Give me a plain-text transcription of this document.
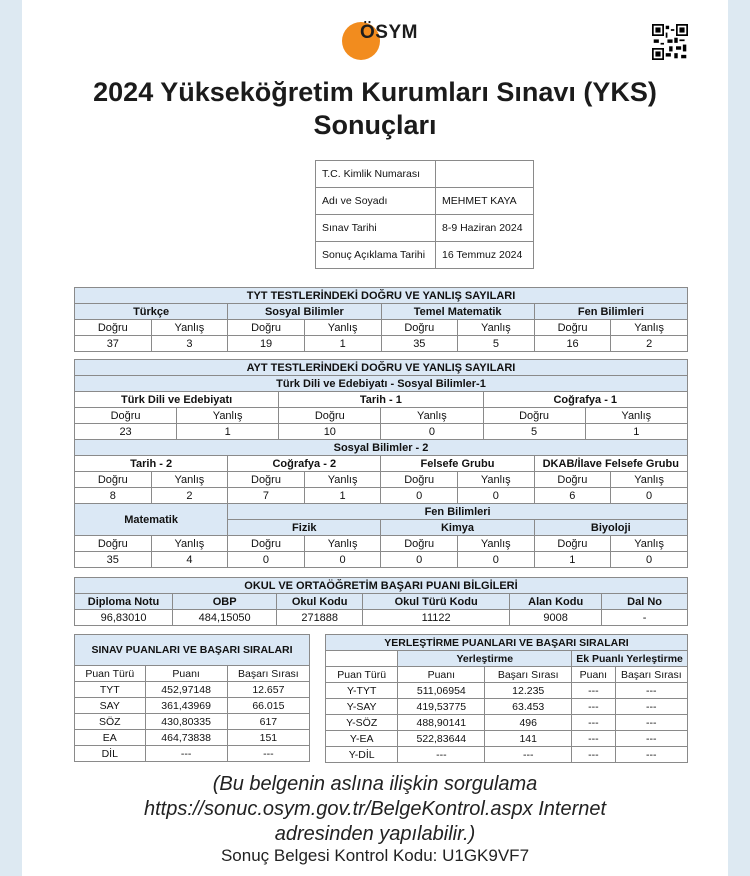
ÖSYM
2024 Yükseköğretim Kurumları Sınavı (YKS)
Sonuçları
T.C. Kimlik Numarası	
Adı ve Soyadı	MEHMET KAYA
Sınav Tarihi	8-9 Haziran 2024
Sonuç Açıklama Tarihi	16 Temmuz 2024
TYT TESTLERİNDEKİ DOĞRU VE YANLIŞ SAYILARI							
Türkçe		Sosyal Bilimler		Temel Matematik		Fen Bilimleri	
Doğru	Yanlış	Doğru	Yanlış	Doğru	Yanlış	Doğru	Yanlış
37	3	19	1	35	5	16	2
AYT TESTLERİNDEKİ DOĞRU VE YANLIŞ SAYILARI											
Türk Dili ve Edebiyatı - Sosyal Bilimler-1											
Türk Dili ve Edebiyatı				Tarih - 1				Coğrafya - 1			
Doğru		Yanlış		Doğru		Yanlış		Doğru		Yanlış	
23		1		10		0		5		1	
Sosyal Bilimler - 2											
Tarih - 2			Coğrafya - 2			Felsefe Grubu			DKAB/İlave Felsefe Grubu		
Doğru	Yanlış		Doğru		Yanlış	Doğru	Yanlış		Doğru		Yanlış
8	2		7		1	0	0		6		0
Matematik			Fen Bilimleri								
			Fizik			Kimya			Biyoloji		
Doğru	Yanlış		Doğru		Yanlış	Doğru	Yanlış		Doğru		Yanlış
35	4		0		0	0	0		1		0
OKUL VE ORTAÖĞRETİM BAŞARI PUANI BİLGİLERİ					
Diploma Notu	OBP	Okul Kodu	Okul Türü Kodu	Alan Kodu	Dal No
96,83010	484,15050	271888	11122	9008	-
SINAV PUANLARI VE BAŞARI SIRALARI		
Puan Türü	Puanı	Başarı Sırası
TYT	452,97148	12.657
SAY	361,43969	66.015
SÖZ	430,80335	617
EA	464,73838	151
DİL	---	---
YERLEŞTİRME PUANLARI VE BAŞARI SIRALARI				
	Yerleştirme		Ek Puanlı Yerleştirme	
Puan Türü	Puanı	Başarı Sırası	Puanı	Başarı Sırası
Y-TYT	511,06954	12.235	---	---
Y-SAY	419,53775	63.453	---	---
Y-SÖZ	488,90141	496	---	---
Y-EA	522,83644	141	---	---
Y-DİL	---	---	---	---
(Bu belgenin aslına ilişkin sorgulama
https://sonuc.osym.gov.tr/BelgeKontrol.aspx Internet
adresinden yapılabilir.)
Sonuç Belgesi Kontrol Kodu: U1GK9VF7
